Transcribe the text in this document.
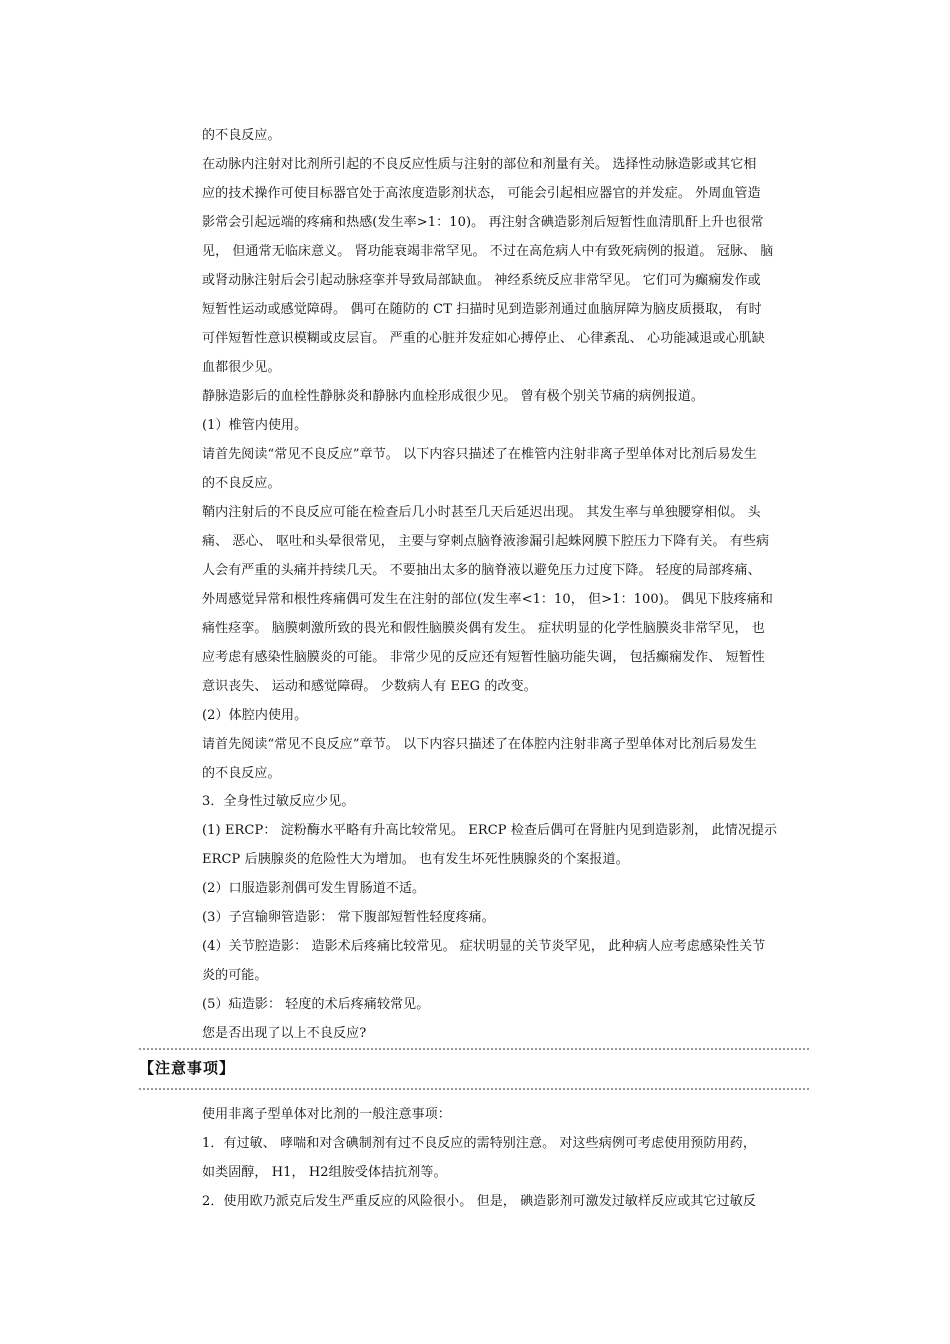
的不良反应。
在动脉内注射对比剂所引起的不良反应性质与注射的部位和剂量有关。 选择性动脉造影或其它相
应的技术操作可使目标器官处于高浓度造影剂状态， 可能会引起相应器官的并发症。 外周血管造
影常会引起远端的疼痛和热感(发生率>1：10)。 再注射含碘造影剂后短暂性血清肌酐上升也很常
见， 但通常无临床意义。 肾功能衰竭非常罕见。 不过在高危病人中有致死病例的报道。 冠脉、 脑
或肾动脉注射后会引起动脉痉挛并导致局部缺血。 神经系统反应非常罕见。 它们可为癫痫发作或
短暂性运动或感觉障碍。 偶可在随防的 CT 扫描时见到造影剂通过血脑屏障为脑皮质摄取， 有时
可伴短暂性意识模糊或皮层盲。 严重的心脏并发症如心搏停止、 心律紊乱、 心功能减退或心肌缺
血都很少见。
静脉造影后的血栓性静脉炎和静脉内血栓形成很少见。 曾有极个别关节痛的病例报道。
(1）椎管内使用。
请首先阅读“常见不良反应”章节。 以下内容只描述了在椎管内注射非离子型单体对比剂后易发生
的不良反应。
鞘内注射后的不良反应可能在检查后几小时甚至几天后延迟出现。 其发生率与单独腰穿相似。 头
痛、 恶心、 呕吐和头晕很常见， 主要与穿刺点脑脊液渗漏引起蛛网膜下腔压力下降有关。 有些病
人会有严重的头痛并持续几天。 不要抽出太多的脑脊液以避免压力过度下降。 轻度的局部疼痛、
外周感觉异常和根性疼痛偶可发生在注射的部位(发生率<1：10， 但>1：100)。 偶见下肢疼痛和
痛性痉挛。 脑膜刺激所致的畏光和假性脑膜炎偶有发生。 症状明显的化学性脑膜炎非常罕见， 也
应考虑有感染性脑膜炎的可能。 非常少见的反应还有短暂性脑功能失调， 包括癫痫发作、 短暂性
意识丧失、 运动和感觉障碍。 少数病人有 EEG 的改变。
(2）体腔内使用。
请首先阅读“常见不良反应”章节。 以下内容只描述了在体腔内注射非离子型单体对比剂后易发生
的不良反应。
3．全身性过敏反应少见。
(1) ERCP： 淀粉酶水平略有升高比较常见。 ERCP 检查后偶可在肾脏内见到造影剂， 此情况提示
ERCP 后胰腺炎的危险性大为增加。 也有发生坏死性胰腺炎的个案报道。
(2）口服造影剂偶可发生胃肠道不适。
(3）子宫输卵管造影： 常下腹部短暂性轻度疼痛。
(4）关节腔造影： 造影术后疼痛比较常见。 症状明显的关节炎罕见， 此种病人应考虑感染性关节
炎的可能。
(5）疝造影： 轻度的术后疼痛较常见。
您是否出现了以上不良反应?
【注意事项】
使用非离子型单体对比剂的一般注意事项：
1．有过敏、 哮喘和对含碘制剂有过不良反应的需特别注意。 对这些病例可考虑使用预防用药，
如类固醇， H1， H2组胺受体拮抗剂等。
2．使用欧乃派克后发生严重反应的风险很小。 但是， 碘造影剂可激发过敏样反应或其它过敏反
